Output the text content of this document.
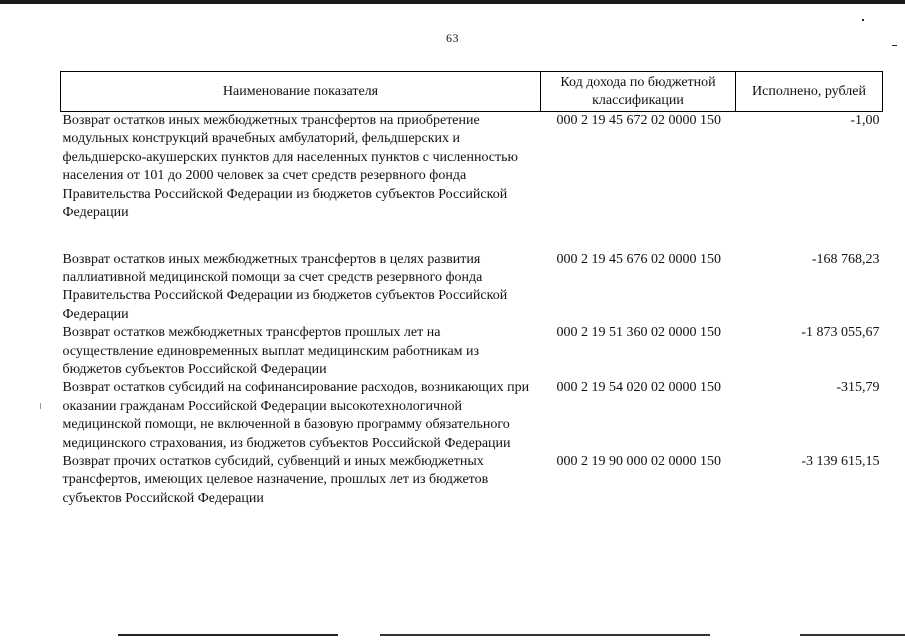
63
Наименование показателя	Код дохода по бюджетной классификации	Исполнено, рублей
Возврат остатков иных межбюджетных трансфертов на приобретение модульных конструкций врачебных амбулаторий, фельдшерских и фельдшерско-акушерских пунктов для населенных пунктов с численностью населения от 101 до 2000 человек за счет средств резервного фонда Правительства Российской Федерации из бюджетов субъектов Российской Федерации	000 2 19 45 672 02 0000 150	-1,00
Возврат остатков иных межбюджетных трансфертов в целях развития паллиативной медицинской помощи за счет средств резервного фонда Правительства Российской Федерации из бюджетов субъектов Российской Федерации	000 2 19 45 676 02 0000 150	-168 768,23
Возврат остатков межбюджетных трансфертов прошлых лет на осуществление единовременных выплат медицинским работникам из бюджетов субъектов Российской Федерации	000 2 19 51 360 02 0000 150	-1 873 055,67
Возврат остатков субсидий на софинансирование расходов, возникающих при оказании гражданам Российской Федерации высокотехнологичной медицинской помощи, не включенной в базовую программу обязательного медицинского страхования, из бюджетов субъектов Российской Федерации	000 2 19 54 020 02 0000 150	-315,79
Возврат прочих остатков субсидий, субвенций и иных межбюджетных трансфертов, имеющих целевое назначение, прошлых лет из бюджетов субъектов Российской Федерации	000 2 19 90 000 02 0000 150	-3 139 615,15
